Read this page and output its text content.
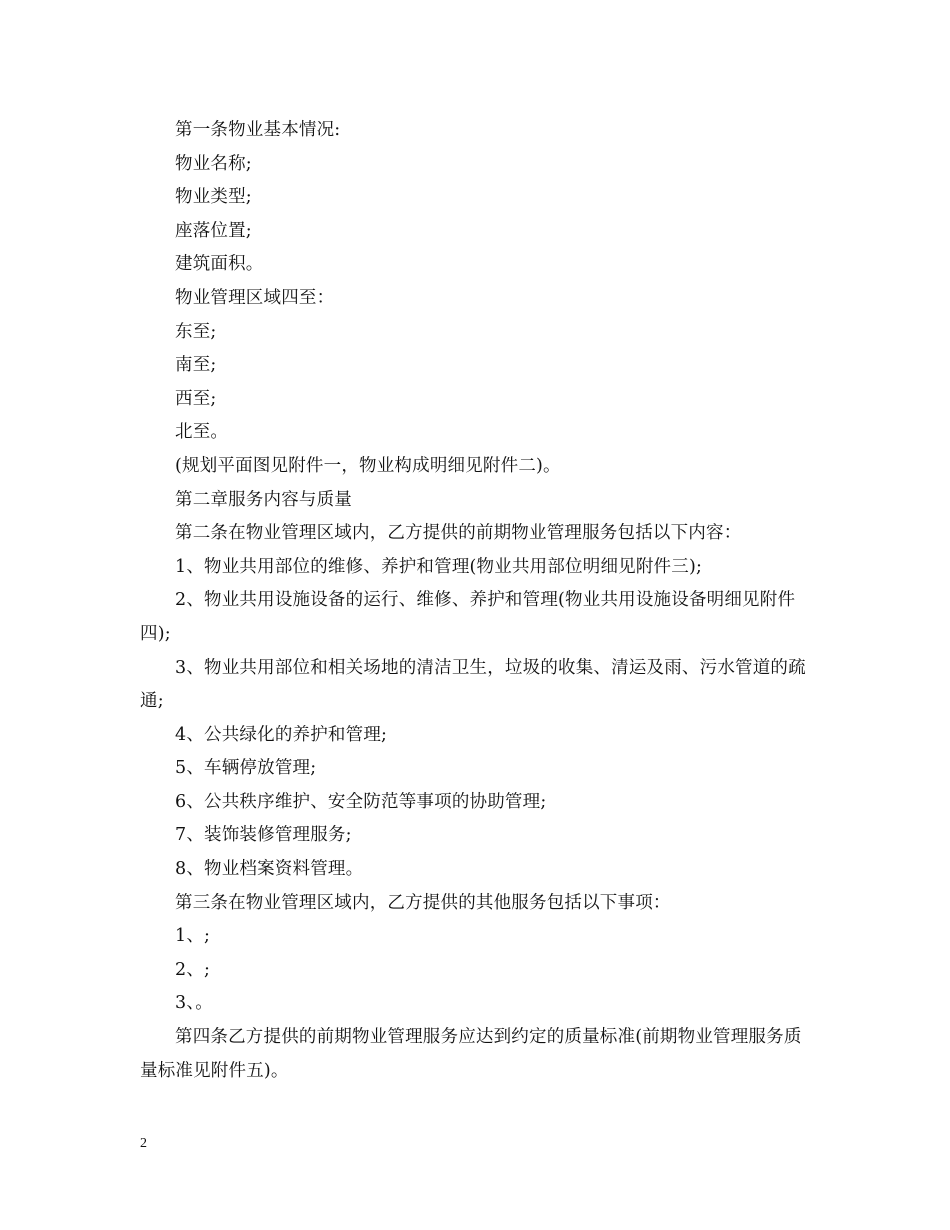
第一条物业基本情况:

物业名称;

物业类型;

座落位置;

建筑面积。

物业管理区域四至：

东至;

南至;

西至;

北至。

(规划平面图见附件一，物业构成明细见附件二)。

第二章服务内容与质量

第二条在物业管理区域内，乙方提供的前期物业管理服务包括以下内容：

1、物业共用部位的维修、养护和管理(物业共用部位明细见附件三);

2、物业共用设施设备的运行、维修、养护和管理(物业共用设施设备明细见附件四);

3、物业共用部位和相关场地的清洁卫生，垃圾的收集、清运及雨、污水管道的疏通;

4、公共绿化的养护和管理;

5、车辆停放管理;

6、公共秩序维护、安全防范等事项的协助管理;

7、装饰装修管理服务;

8、物业档案资料管理。

第三条在物业管理区域内，乙方提供的其他服务包括以下事项：

1、;

2、;

3、。

第四条乙方提供的前期物业管理服务应达到约定的质量标准(前期物业管理服务质量标准见附件五)。

2
